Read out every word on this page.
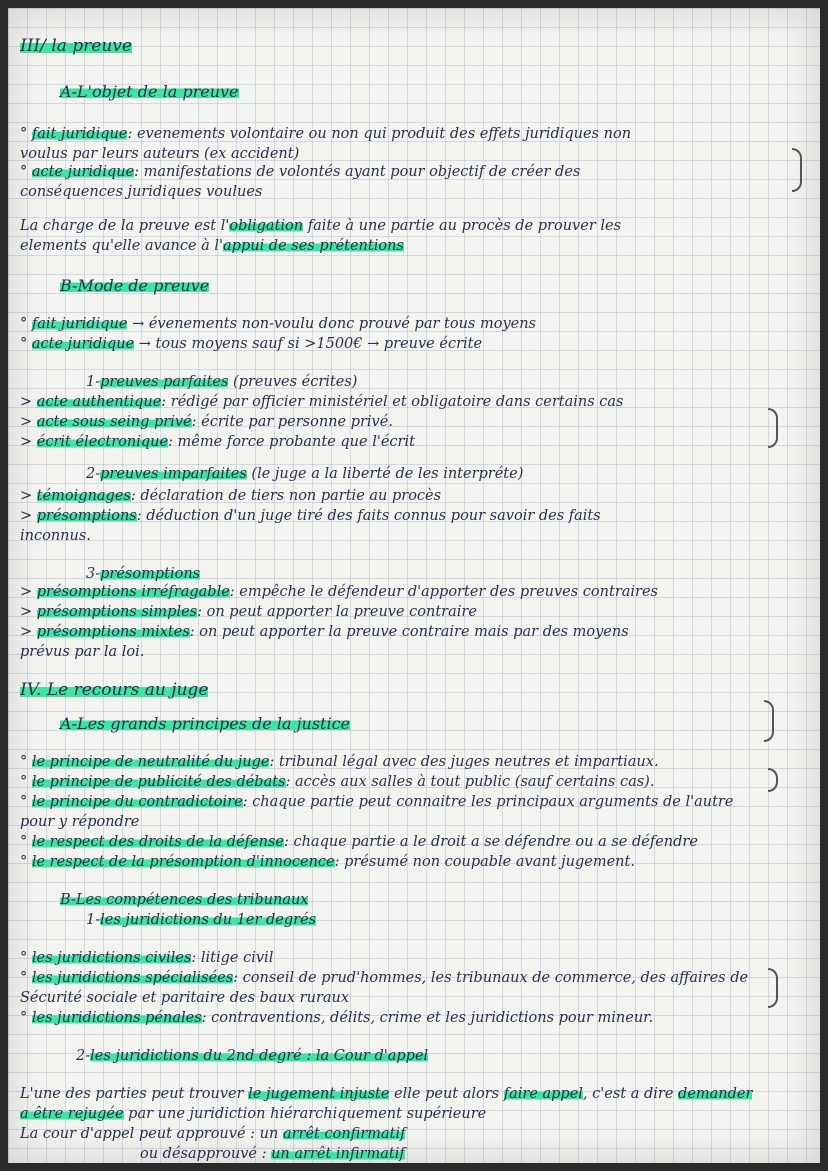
III/ la preuve
A-L'objet de la preuve
° fait juridique: evenements volontaire ou non qui produit des effets juridiques non
voulus par leurs auteurs (ex accident)
° acte juridique: manifestations de volontés ayant pour objectif de créer des
conséquences juridiques voulues
La charge de la preuve est l'obligation faite à une partie au procès de prouver les
elements qu'elle avance à l'appui de ses prétentions
B-Mode de preuve
° fait juridique → évenements non-voulu donc prouvé par tous moyens
° acte juridique → tous moyens sauf si >1500€ → preuve écrite
1-preuves parfaites (preuves écrites)
> acte authentique: rédigé par officier ministériel et obligatoire dans certains cas
> acte sous seing privé: écrite par personne privé.
> écrit électronique: même force probante que l'écrit
2-preuves imparfaites (le juge a la liberté de les interpréte)
> témoignages: déclaration de tiers non partie au procès
> présomptions: déduction d'un juge tiré des faits connus pour savoir des faits
inconnus.
3-présomptions
> présomptions irréfragable: empêche le défendeur d'apporter des preuves contraires
> présomptions simples: on peut apporter la preuve contraire
> présomptions mixtes: on peut apporter la preuve contraire mais par des moyens
prévus par la loi.
IV. Le recours au juge
A-Les grands principes de la justice
° le principe de neutralité du juge: tribunal légal avec des juges neutres et impartiaux.
° le principe de publicité des débats: accès aux salles à tout public (sauf certains cas).
° le principe du contradictoire: chaque partie peut connaitre les principaux arguments de l'autre
pour y répondre
° le respect des droits de la défense: chaque partie a le droit a se défendre ou a se défendre
° le respect de la présomption d'innocence: présumé non coupable avant jugement.
B-Les compétences des tribunaux
1-les juridictions du 1er degrés
° les juridictions civiles: litige civil
° les juridictions spécialisées: conseil de prud'hommes, les tribunaux de commerce, des affaires de
Sécurité sociale et paritaire des baux ruraux
° les juridictions pénales: contraventions, délits, crime et les juridictions pour mineur.
2-les juridictions du 2nd degré : la Cour d'appel
L'une des parties peut trouver le jugement injuste elle peut alors faire appel, c'est a dire demander
a être rejugée par une juridiction hiérarchiquement supérieure
La cour d'appel peut approuvé : un arrêt confirmatif
ou désapprouvé : un arrêt infirmatif
